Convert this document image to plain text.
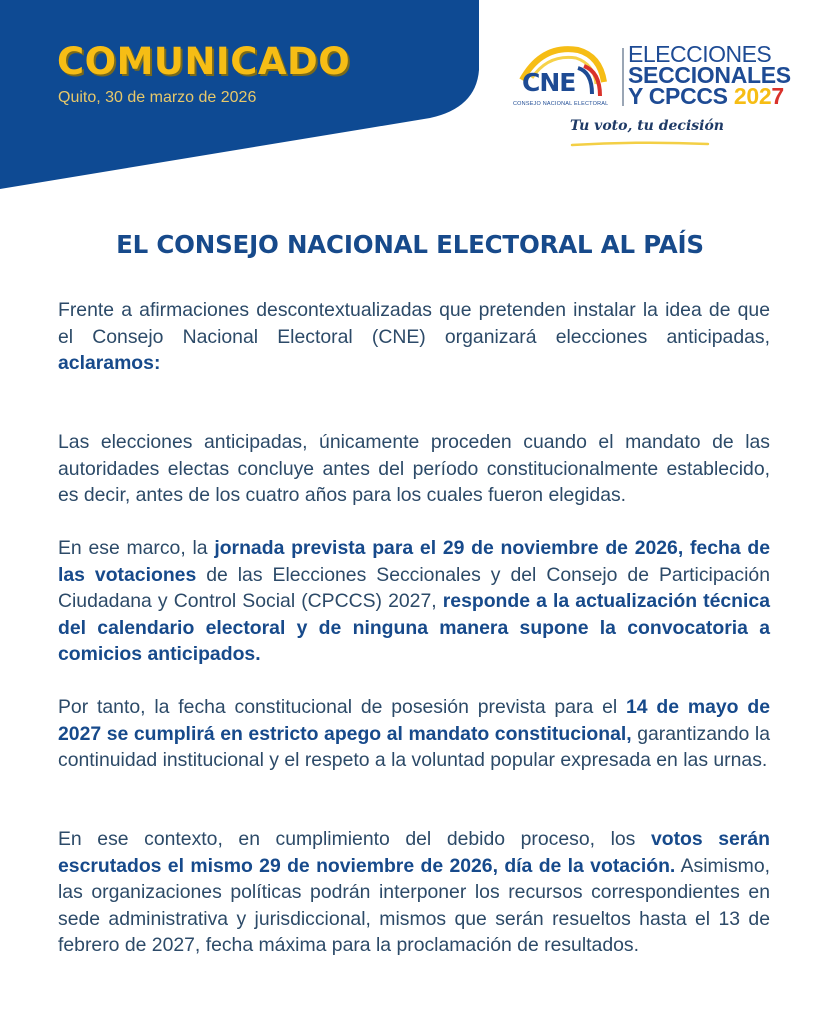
COMUNICADO
Quito, 30 de marzo de 2026
CNE
CONSEJO NACIONAL ELECTORAL
ELECCIONES
SECCIONALES
Y CPCCS 2027
Tu voto, tu decisión
EL CONSEJO NACIONAL ELECTORAL AL PAÍS

Frente a afirmaciones descontextualizadas que pretenden instalar la idea de que el Consejo Nacional Electoral (CNE) organizará elecciones anticipadas, aclaramos:

Las elecciones anticipadas, únicamente proceden cuando el mandato de las autoridades electas concluye antes del período constitucionalmente establecido, es decir, antes de los cuatro años para los cuales fueron elegidas.

En ese marco, la jornada prevista para el 29 de noviembre de 2026, fecha de las votaciones de las Elecciones Seccionales y del Consejo de Participación Ciudadana y Control Social (CPCCS) 2027, responde a la actualización técnica del calendario electoral y de ninguna manera supone la convocatoria a comicios anticipados.

Por tanto, la fecha constitucional de posesión prevista para el 14 de mayo de 2027 se cumplirá en estricto apego al mandato constitucional, garantizando la continuidad institucional y el respeto a la voluntad popular expresada en las urnas.

En ese contexto, en cumplimiento del debido proceso, los votos serán escrutados el mismo 29 de noviembre de 2026, día de la votación. Asimismo, las organizaciones políticas podrán interponer los recursos correspondientes en sede administrativa y jurisdiccional, mismos que serán resueltos hasta el 13 de febrero de 2027, fecha máxima para la proclamación de resultados.
